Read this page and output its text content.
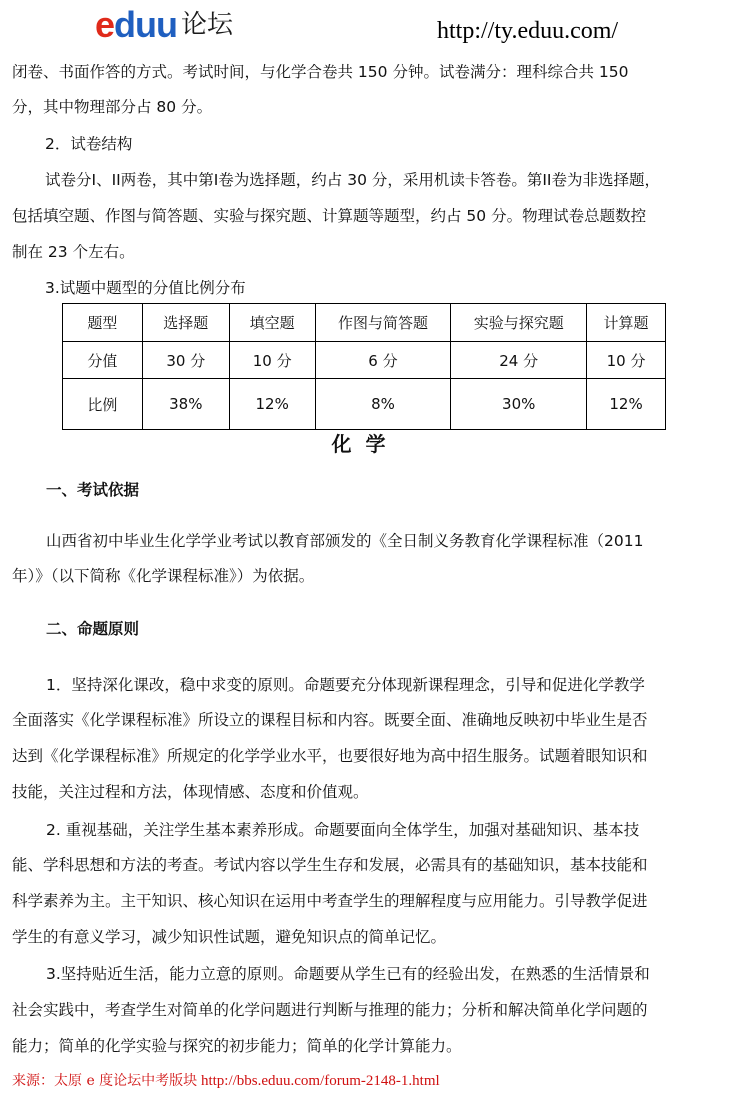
e duu 论坛	http://ty.eduu.com/
闭卷、书面作答的方式。考试时间，与化学合卷共 150 分钟。试卷满分：理科综合共 150
分，其中物理部分占 80 分。
2．试卷结构
试卷分I、II两卷，其中第I卷为选择题，约占 30 分，采用机读卡答卷。第II卷为非选择题，
包括填空题、作图与简答题、实验与探究题、计算题等题型，约占 50 分。物理试卷总题数控
制在 23 个左右。
3.试题中题型的分值比例分布
题型	选择题	填空题	作图与简答题	实验与探究题	计算题
分值	30 分	10 分	6 分	24 分	10 分
比例	38%	12%	8%	30%	12%
化学
一、考试依据
山西省初中毕业生化学学业考试以教育部颁发的《全日制义务教育化学课程标准（2011
年）》（以下简称《化学课程标准》）为依据。
二、命题原则
1．坚持深化课改，稳中求变的原则。命题要充分体现新课程理念，引导和促进化学教学
全面落实《化学课程标准》所设立的课程目标和内容。既要全面、准确地反映初中毕业生是否
达到《化学课程标准》所规定的化学学业水平，也要很好地为高中招生服务。试题着眼知识和
技能，关注过程和方法，体现情感、态度和价值观。
2. 重视基础，关注学生基本素养形成。命题要面向全体学生，加强对基础知识、基本技
能、学科思想和方法的考查。考试内容以学生生存和发展，必需具有的基础知识，基本技能和
科学素养为主。主干知识、核心知识在运用中考查学生的理解程度与应用能力。引导教学促进
学生的有意义学习，减少知识性试题，避免知识点的简单记忆。
3.坚持贴近生活，能力立意的原则。命题要从学生已有的经验出发，在熟悉的生活情景和
社会实践中，考查学生对简单的化学问题进行判断与推理的能力；分析和解决简单化学问题的
能力；简单的化学实验与探究的初步能力；简单的化学计算能力。
来源：太原 e 度论坛中考版块 http://bbs.eduu.com/forum-2148-1.html
